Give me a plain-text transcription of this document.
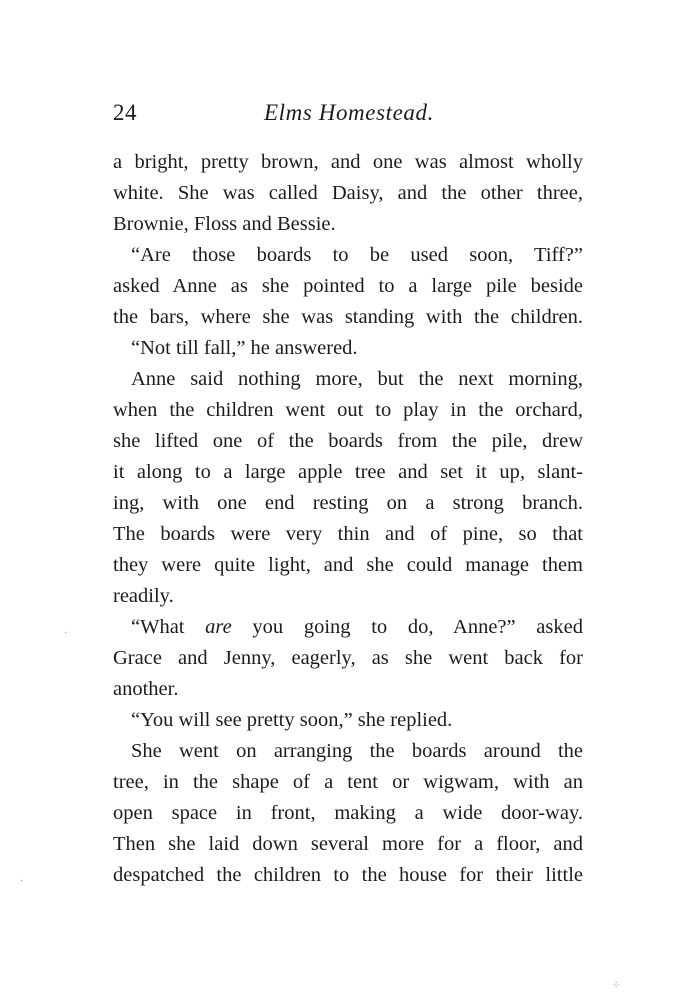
24	Elms Homestead.
a bright, pretty brown, and one was almost wholly
white. She was called Daisy, and the other three,
Brownie, Floss and Bessie.
“Are those boards to be used soon, Tiff?”
asked Anne as she pointed to a large pile beside
the bars, where she was standing with the children.
“Not till fall,” he answered.
Anne said nothing more, but the next morning,
when the children went out to play in the orchard,
she lifted one of the boards from the pile, drew
it along to a large apple tree and set it up, slant-
ing, with one end resting on a strong branch.
The boards were very thin and of pine, so that
they were quite light, and she could manage them
readily.
“What are you going to do, Anne?” asked
Grace and Jenny, eagerly, as she went back for
another.
“You will see pretty soon,” she replied.
She went on arranging the boards around the
tree, in the shape of a tent or wigwam, with an
open space in front, making a wide door-way.
Then she laid down several more for a floor, and
despatched the children to the house for their little
·
·
⁘
